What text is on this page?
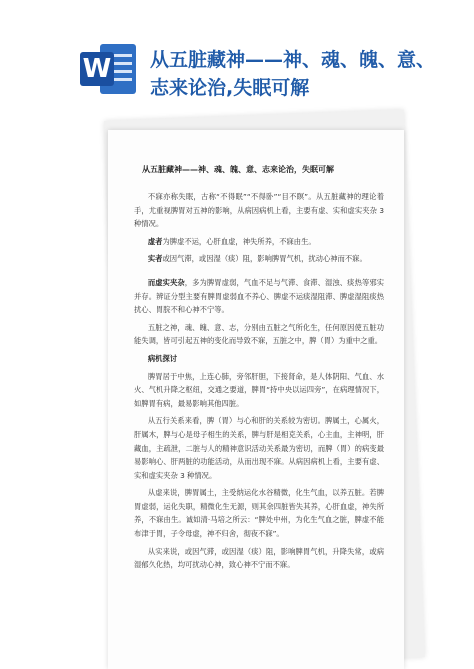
W 从五脏藏神——神、魂、魄、意、志来论治,失眠可解
从五脏藏神——神、魂、魄、意、志来论治，失眠可解
不寐亦称失眠，古称“不得眠”“不得卧”“目不瞑”。从五脏藏神的理论着手，尤重视脾胃对五神的影响，从病因病机上看，主要有虚、实和虚实夹杂 3 种情况。
虚者为脾虚不运，心肝血虚，神失所养，不寐由生。
实者或因气滞，或因湿（痰）阻，影响脾胃气机，扰动心神而不寐。
而虚实夹杂，多为脾胃虚弱，气血不足与气滞、食滞、湿浊、痰热等邪实并存。辨证分型主要有脾胃虚弱血不养心、脾虚不运痰湿阻滞、脾虚湿阻痰热扰心、胃脘不和心神不宁等。
五脏之神，魂、魄、意、志，分别由五脏之气所化生，任何原因使五脏功能失调，皆可引起五神的变化而导致不寐，五脏之中，脾（胃）为重中之重。
病机探讨
脾胃居于中焦，上连心肺，旁邻肝胆，下接肾命，是人体阴阳、气血、水火、气机升降之枢纽，交通之要道，脾胃“持中央以运四旁”，在病理情况下，如脾胃有病，最易影响其他四脏。
从五行关系来看，脾（胃）与心和肝的关系较为密切。脾属土，心属火，肝属木，脾与心是母子相生的关系，脾与肝是相克关系，心主血，主神明，肝藏血，主疏泄，二脏与人的精神意识活动关系最为密切，而脾（胃）的病变最易影响心、肝两脏的功能活动，从而出现不寐。从病因病机上看，主要有虚、实和虚实夹杂 3 种情况。
从虚来说，脾胃属土，主受纳运化水谷精微，化生气血，以养五脏。若脾胃虚弱，运化失职，精微化生无源，则其余四脏皆失其养，心肝血虚，神失所养，不寐由生。诚如清·马培之所云：“脾处中州，为化生气血之脏，脾虚不能布津于胃，子令母虚，神不归舍，彻夜不寐”。
从实来说，或因气滞，或因湿（痰）阻，影响脾胃气机，升降失常，或病湿郁久化热，均可扰动心神，致心神不宁而不寐。
